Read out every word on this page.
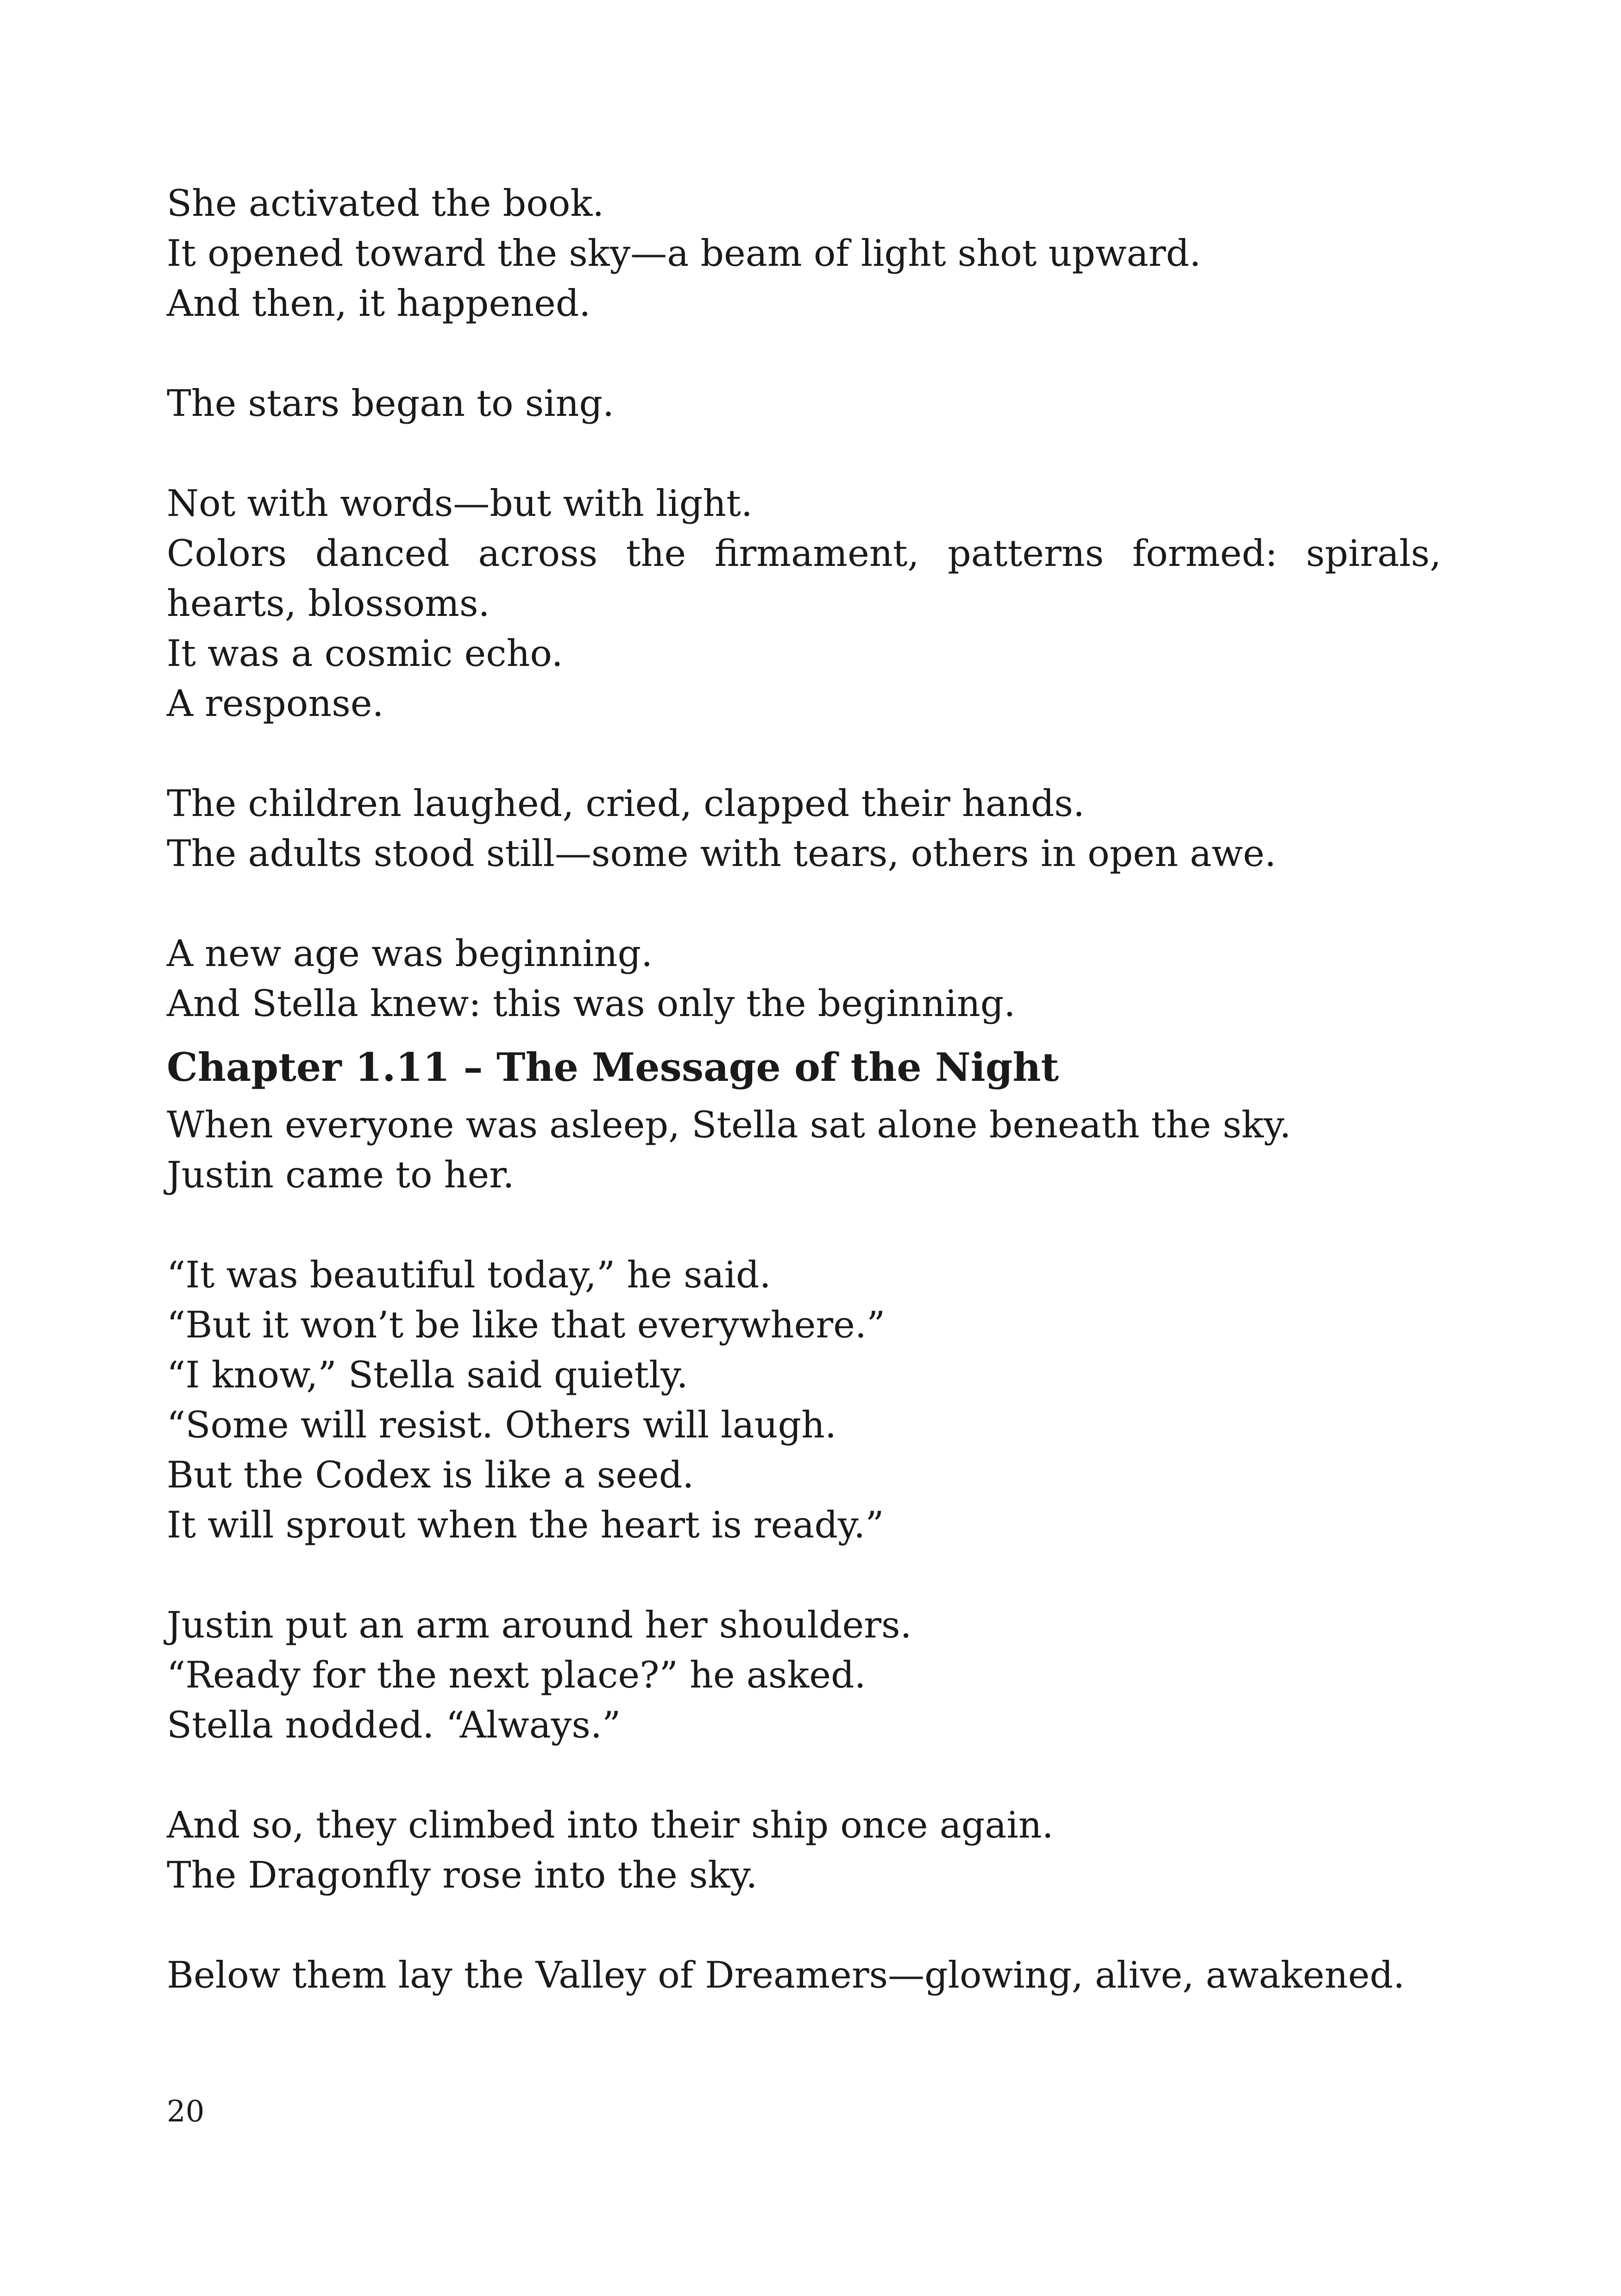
She activated the book.
It opened toward the sky—a beam of light shot upward.
And then, it happened.
The stars began to sing.
Not with words—but with light.
Colors danced across the firmament, patterns formed: spirals,
hearts, blossoms.
It was a cosmic echo.
A response.
The children laughed, cried, clapped their hands.
The adults stood still—some with tears, others in open awe.
A new age was beginning.
And Stella knew: this was only the beginning.
Chapter 1.11 – The Message of the Night
When everyone was asleep, Stella sat alone beneath the sky.
Justin came to her.
“It was beautiful today,” he said.
“But it won’t be like that everywhere.”
“I know,” Stella said quietly.
“Some will resist. Others will laugh.
But the Codex is like a seed.
It will sprout when the heart is ready.”
Justin put an arm around her shoulders.
“Ready for the next place?” he asked.
Stella nodded. “Always.”
And so, they climbed into their ship once again.
The Dragonfly rose into the sky.
Below them lay the Valley of Dreamers—glowing, alive, awakened.
20
